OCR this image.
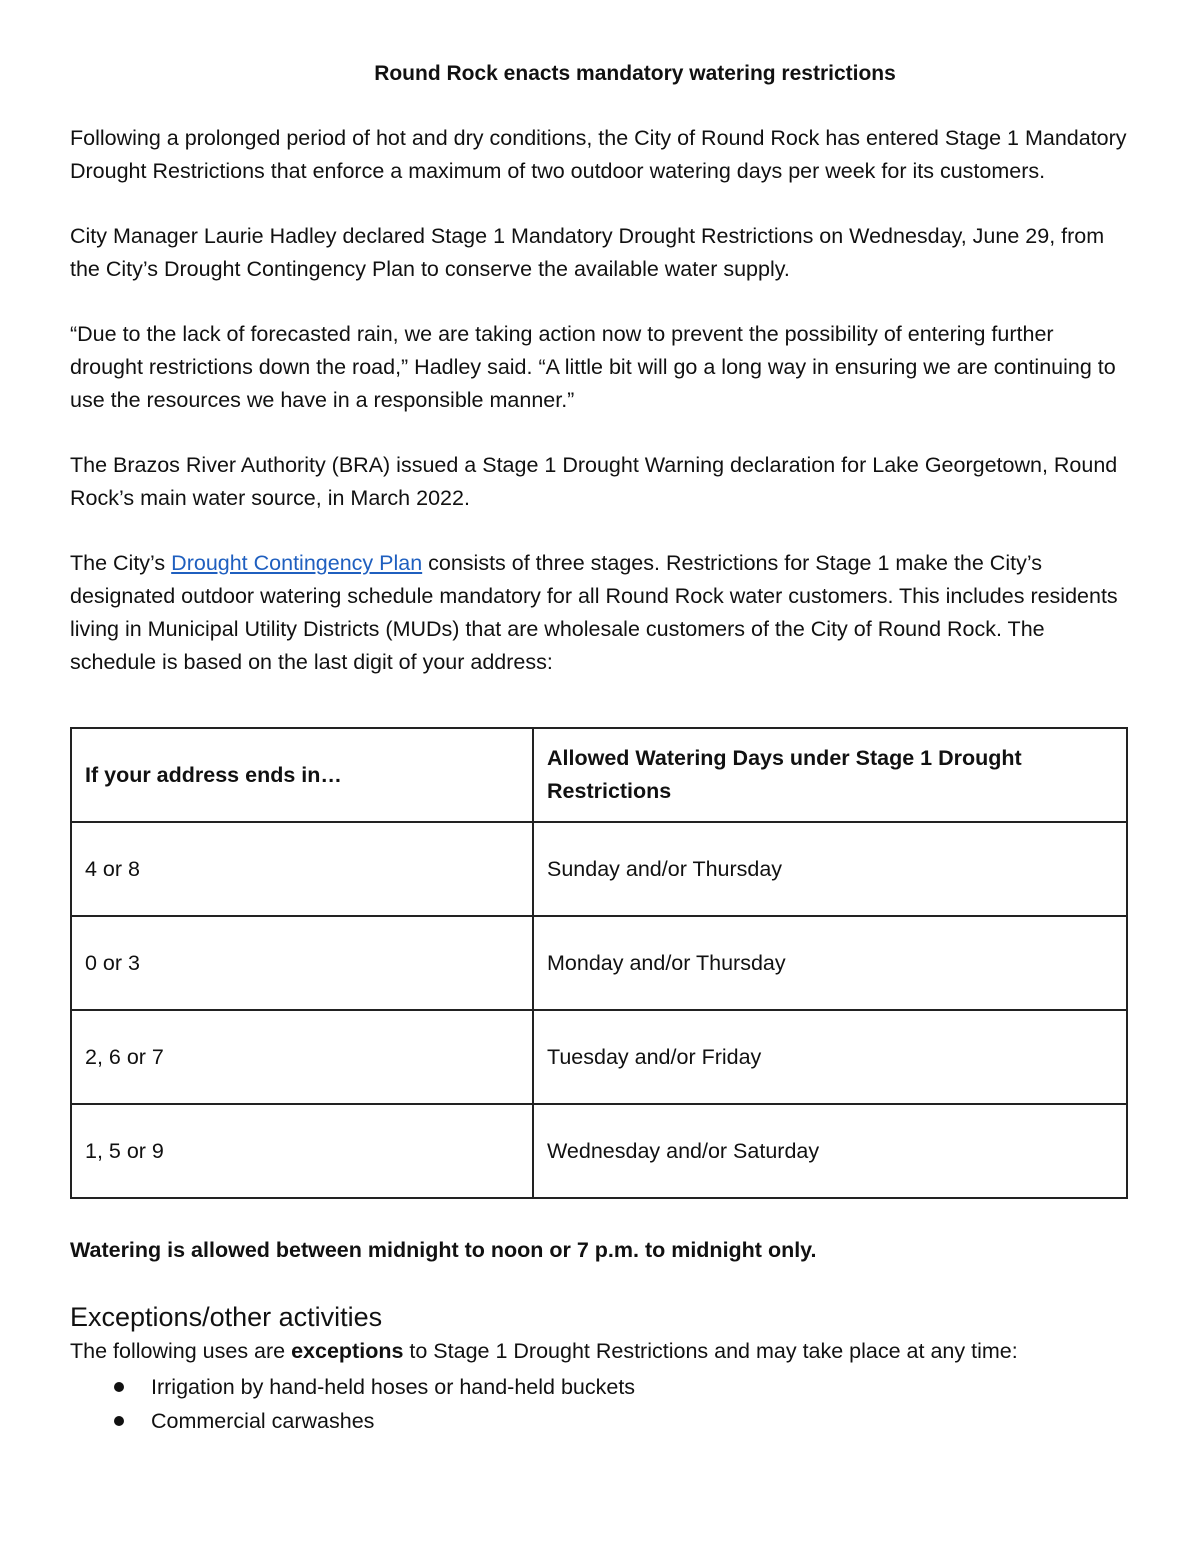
Round Rock enacts mandatory watering restrictions

Following a prolonged period of hot and dry conditions, the City of Round Rock has entered Stage 1 Mandatory Drought Restrictions that enforce a maximum of two outdoor watering days per week for its customers.

City Manager Laurie Hadley declared Stage 1 Mandatory Drought Restrictions on Wednesday, June 29, from the City’s Drought Contingency Plan to conserve the available water supply.

“Due to the lack of forecasted rain, we are taking action now to prevent the possibility of entering further drought restrictions down the road,” Hadley said. “A little bit will go a long way in ensuring we are continuing to use the resources we have in a responsible manner.”

The Brazos River Authority (BRA) issued a Stage 1 Drought Warning declaration for Lake Georgetown, Round Rock’s main water source, in March 2022.

The City’s Drought Contingency Plan consists of three stages. Restrictions for Stage 1 make the City’s designated outdoor watering schedule mandatory for all Round Rock water customers. This includes residents living in Municipal Utility Districts (MUDs) that are wholesale customers of the City of Round Rock. The schedule is based on the last digit of your address:

If your address ends in…	Allowed Watering Days under Stage 1 Drought Restrictions
4 or 8	Sunday and/or Thursday
0 or 3	Monday and/or Thursday
2, 6 or 7	Tuesday and/or Friday
1, 5 or 9	Wednesday and/or Saturday

Watering is allowed between midnight to noon or 7 p.m. to midnight only.

Exceptions/other activities

The following uses are exceptions to Stage 1 Drought Restrictions and may take place at any time:

Irrigation by hand-held hoses or hand-held buckets
Commercial carwashes
